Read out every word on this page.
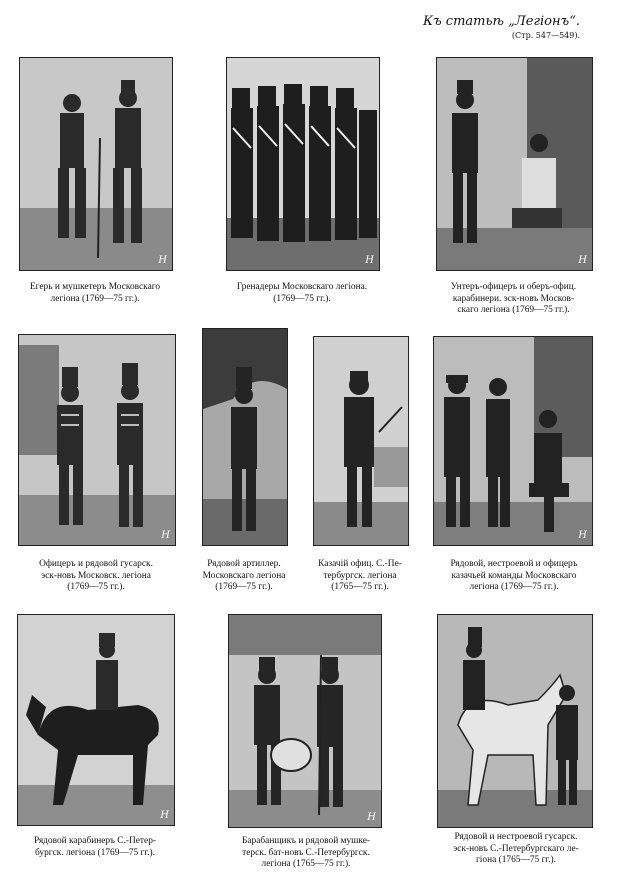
Къ статьѣ „Легіонъ“.
(Стр. 547—549).
Н
Егерь и мушкетеръ Московскаго
легіона (1769—75 гг.).
Н
Гренадеры Московскаго легіона.
(1769—75 гг.).
Н
Унтеръ-офицеръ и оберъ-офиц.
карабинери. эск-новъ Москов-
скаго легіона (1769—75 гг.).
Н
Офицеръ и рядовой гусарск.
эск-новъ Московск. легіона
(1769—75 гг.).
Рядовой артиллер.
Московскаго легіона
(1769—75 гг.).
Казачій офиц. С.-Пе-
тербургск. легіона
(1765—75 гг.).
Н
Рядовой, нестроевой и офицеръ
казачьей команды Московскаго
легіона (1769—75 гг.).
Н
Рядовой карабинеръ С.-Петер-
бургск. легіона (1769—75 гг.).
Н
Барабанщикъ и рядовой мушке-
терск. бат-новъ С.-Петербургск.
легіона (1765—75 гг.).
Рядовой и нестроевой гусарск.
эск-новъ С.-Петербургскаго ле-
гіона (1765—75 гг.).
